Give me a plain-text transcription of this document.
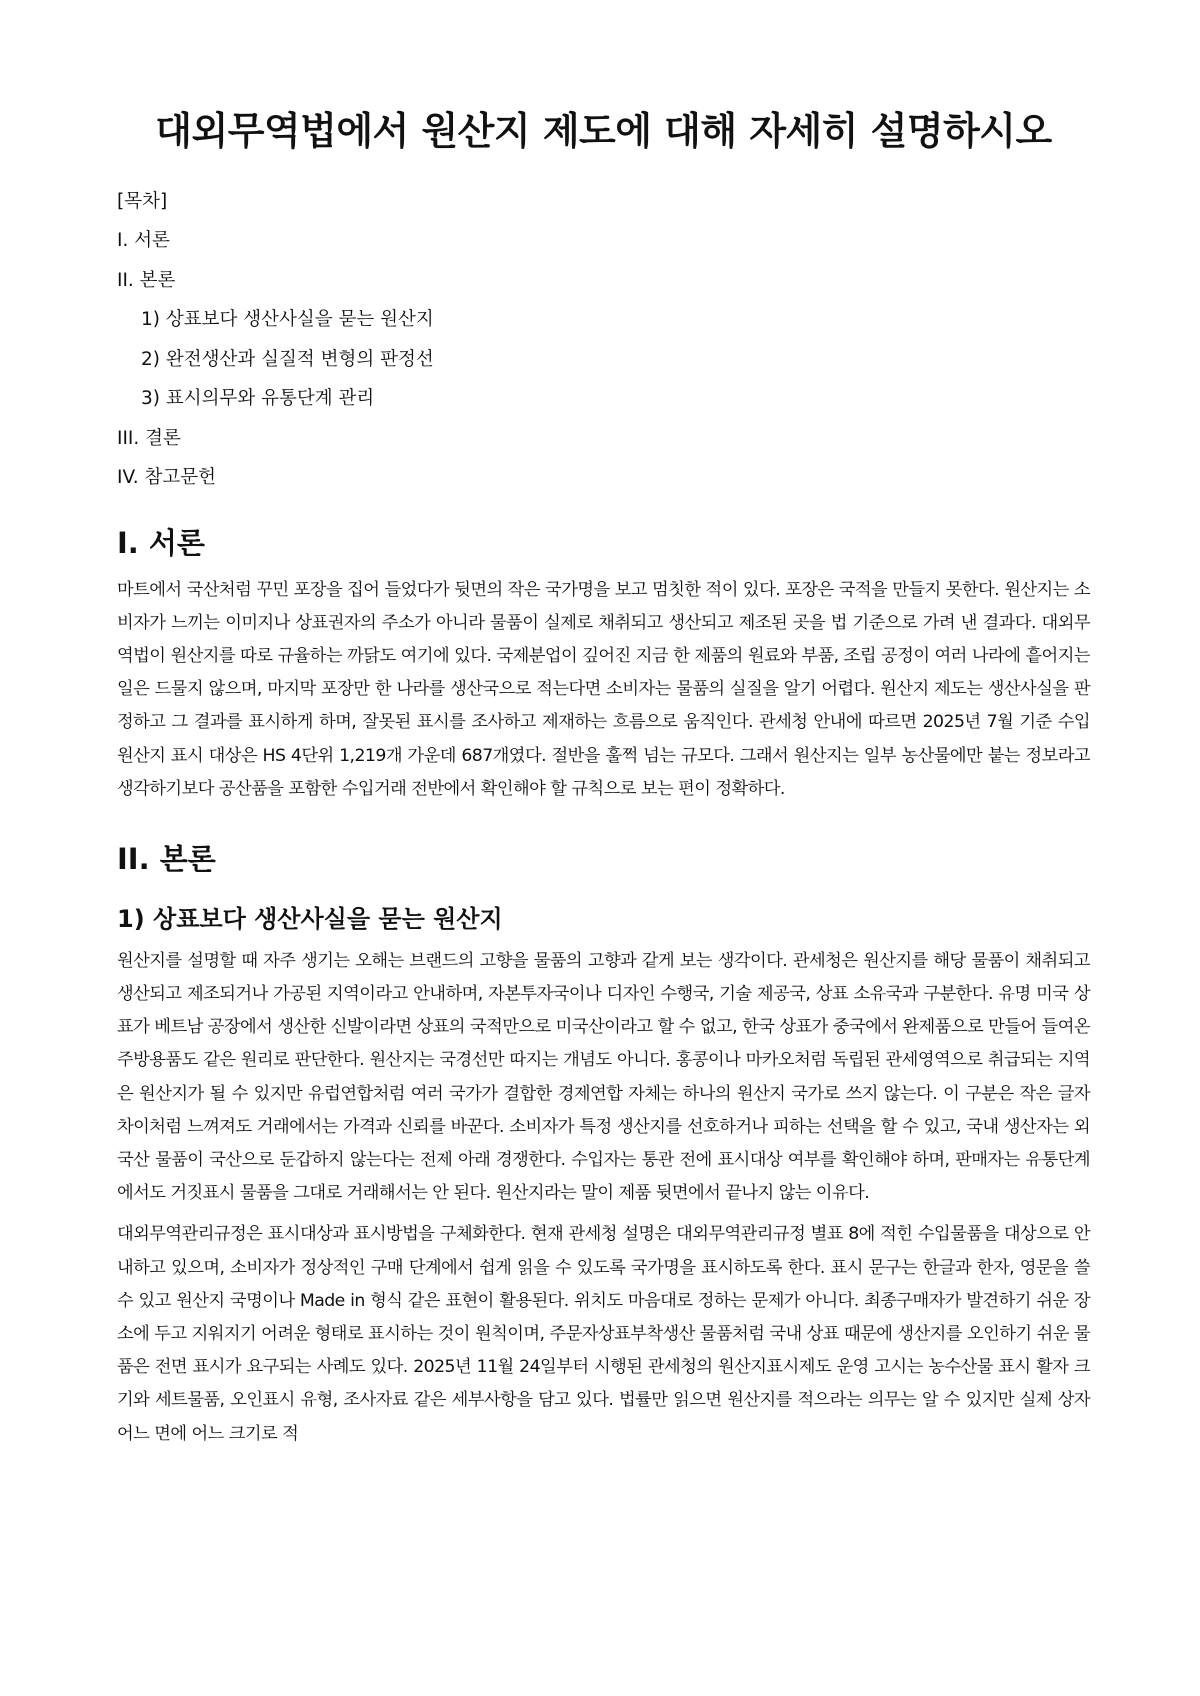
대외무역법에서 원산지 제도에 대해 자세히 설명하시오
[목차]
I. 서론
II. 본론
1) 상표보다 생산사실을 묻는 원산지
2) 완전생산과 실질적 변형의 판정선
3) 표시의무와 유통단계 관리
III. 결론
IV. 참고문헌
I. 서론

마트에서 국산처럼 꾸민 포장을 집어 들었다가 뒷면의 작은 국가명을 보고 멈칫한 적이 있다. 포장은 국적을 만들지 못한다. 원산지는 소비자가 느끼는 이미지나 상표권자의 주소가 아니라 물품이 실제로 채취되고 생산되고 제조된 곳을 법 기준으로 가려 낸 결과다. 대외무역법이 원산지를 따로 규율하는 까닭도 여기에 있다. 국제분업이 깊어진 지금 한 제품의 원료와 부품, 조립 공정이 여러 나라에 흩어지는 일은 드물지 않으며, 마지막 포장만 한 나라를 생산국으로 적는다면 소비자는 물품의 실질을 알기 어렵다. 원산지 제도는 생산사실을 판정하고 그 결과를 표시하게 하며, 잘못된 표시를 조사하고 제재하는 흐름으로 움직인다. 관세청 안내에 따르면 2025년 7월 기준 수입 원산지 표시 대상은 HS 4단위 1,219개 가운데 687개였다. 절반을 훌쩍 넘는 규모다. 그래서 원산지는 일부 농산물에만 붙는 정보라고 생각하기보다 공산품을 포함한 수입거래 전반에서 확인해야 할 규칙으로 보는 편이 정확하다.

II. 본론
1) 상표보다 생산사실을 묻는 원산지

원산지를 설명할 때 자주 생기는 오해는 브랜드의 고향을 물품의 고향과 같게 보는 생각이다. 관세청은 원산지를 해당 물품이 채취되고 생산되고 제조되거나 가공된 지역이라고 안내하며, 자본투자국이나 디자인 수행국, 기술 제공국, 상표 소유국과 구분한다. 유명 미국 상표가 베트남 공장에서 생산한 신발이라면 상표의 국적만으로 미국산이라고 할 수 없고, 한국 상표가 중국에서 완제품으로 만들어 들여온 주방용품도 같은 원리로 판단한다. 원산지는 국경선만 따지는 개념도 아니다. 홍콩이나 마카오처럼 독립된 관세영역으로 취급되는 지역은 원산지가 될 수 있지만 유럽연합처럼 여러 국가가 결합한 경제연합 자체는 하나의 원산지 국가로 쓰지 않는다. 이 구분은 작은 글자 차이처럼 느껴져도 거래에서는 가격과 신뢰를 바꾼다. 소비자가 특정 생산지를 선호하거나 피하는 선택을 할 수 있고, 국내 생산자는 외국산 물품이 국산으로 둔갑하지 않는다는 전제 아래 경쟁한다. 수입자는 통관 전에 표시대상 여부를 확인해야 하며, 판매자는 유통단계에서도 거짓표시 물품을 그대로 거래해서는 안 된다. 원산지라는 말이 제품 뒷면에서 끝나지 않는 이유다.

대외무역관리규정은 표시대상과 표시방법을 구체화한다. 현재 관세청 설명은 대외무역관리규정 별표 8에 적힌 수입물품을 대상으로 안내하고 있으며, 소비자가 정상적인 구매 단계에서 쉽게 읽을 수 있도록 국가명을 표시하도록 한다. 표시 문구는 한글과 한자, 영문을 쓸 수 있고 원산지 국명이나 Made in 형식 같은 표현이 활용된다. 위치도 마음대로 정하는 문제가 아니다. 최종구매자가 발견하기 쉬운 장소에 두고 지워지기 어려운 형태로 표시하는 것이 원칙이며, 주문자상표부착생산 물품처럼 국내 상표 때문에 생산지를 오인하기 쉬운 물품은 전면 표시가 요구되는 사례도 있다. 2025년 11월 24일부터 시행된 관세청의 원산지표시제도 운영 고시는 농수산물 표시 활자 크기와 세트물품, 오인표시 유형, 조사자료 같은 세부사항을 담고 있다. 법률만 읽으면 원산지를 적으라는 의무는 알 수 있지만 실제 상자 어느 면에 어느 크기로 적
